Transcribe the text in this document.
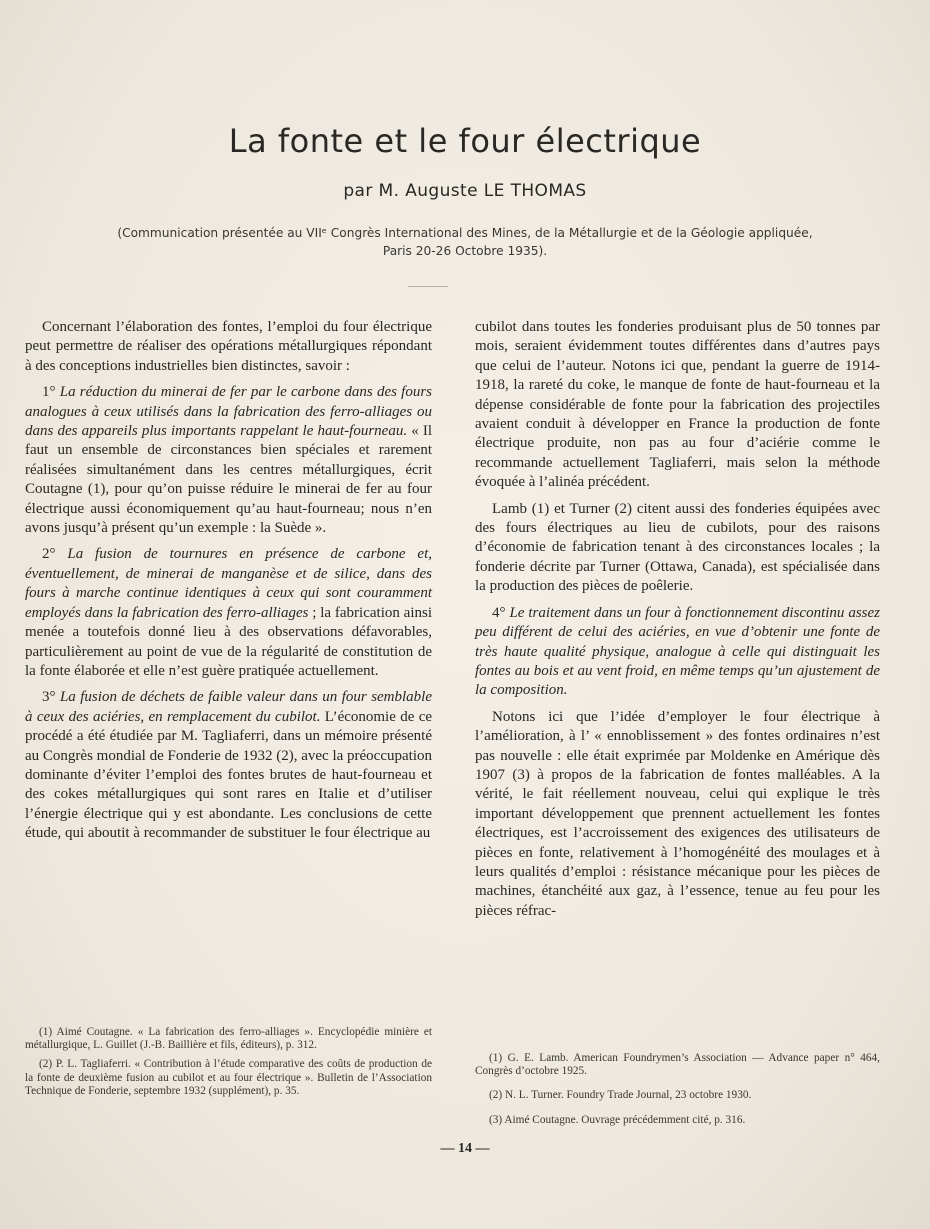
La fonte et le four électrique
par M. Auguste LE THOMAS
(Communication présentée au VIIᵉ Congrès International des Mines, de la Métallurgie et de la Géologie appliquée,
Paris 20-26 Octobre 1935).

Concernant l’élaboration des fontes, l’emploi du four électrique peut permettre de réaliser des opérations métallurgiques répondant à des conceptions industrielles bien distinctes, savoir :

1° La réduction du minerai de fer par le carbone dans des fours analogues à ceux utilisés dans la fabrication des ferro-alliages ou dans des appareils plus importants rappelant le haut-fourneau. « Il faut un ensemble de circonstances bien spéciales et rarement réalisées simultanément dans les centres métallurgiques, écrit Coutagne (1), pour qu’on puisse réduire le minerai de fer au four électrique aussi économiquement qu’au haut-fourneau; nous n’en avons jusqu’à présent qu’un exemple : la Suède ».

2° La fusion de tournures en présence de carbone et, éventuellement, de minerai de manganèse et de silice, dans des fours à marche continue identiques à ceux qui sont couramment employés dans la fabrication des ferro-alliages ; la fabrication ainsi menée a toutefois donné lieu à des observations défavorables, particulièrement au point de vue de la régularité de constitution de la fonte élaborée et elle n’est guère pratiquée actuellement.

3° La fusion de déchets de faible valeur dans un four semblable à ceux des aciéries, en remplacement du cubilot. L’économie de ce procédé a été étudiée par M. Tagliaferri, dans un mémoire présenté au Congrès mondial de Fonderie de 1932 (2), avec la préoccupation dominante d’éviter l’emploi des fontes brutes de haut-fourneau et des cokes métallurgiques qui sont rares en Italie et d’utiliser l’énergie électrique qui y est abondante. Les conclusions de cette étude, qui aboutit à recommander de substituer le four électrique au

cubilot dans toutes les fonderies produisant plus de 50 tonnes par mois, seraient évidemment toutes différentes dans d’autres pays que celui de l’auteur. Notons ici que, pendant la guerre de 1914-1918, la rareté du coke, le manque de fonte de haut-fourneau et la dépense considérable de fonte pour la fabrication des projectiles avaient conduit à développer en France la production de fonte électrique produite, non pas au four d’aciérie comme le recommande actuellement Tagliaferri, mais selon la méthode évoquée à l’alinéa précédent.

Lamb (1) et Turner (2) citent aussi des fonderies équipées avec des fours électriques au lieu de cubilots, pour des raisons d’économie de fabrication tenant à des circonstances locales ; la fonderie décrite par Turner (Ottawa, Canada), est spécialisée dans la production des pièces de poêlerie.

4° Le traitement dans un four à fonctionnement discontinu assez peu différent de celui des aciéries, en vue d’obtenir une fonte de très haute qualité physique, analogue à celle qui distinguait les fontes au bois et au vent froid, en même temps qu’un ajustement de la composition.

Notons ici que l’idée d’employer le four électrique à l’amélioration, à l’ « ennoblissement » des fontes ordinaires n’est pas nouvelle : elle était exprimée par Moldenke en Amérique dès 1907 (3) à propos de la fabrication de fontes malléables. A la vérité, le fait réellement nouveau, celui qui explique le très important développement que prennent actuellement les fontes électriques, est l’accroissement des exigences des utilisateurs de pièces en fonte, relativement à l’homogénéité des moulages et à leurs qualités d’emploi : résistance mécanique pour les pièces de machines, étanchéité aux gaz, à l’essence, tenue au feu pour les pièces réfrac-

(1) Aimé Coutagne. « La fabrication des ferro-alliages ». Encyclopédie minière et métallurgique, L. Guillet (J.-B. Baillière et fils, éditeurs), p. 312.

(2) P. L. Tagliaferri. « Contribution à l’étude comparative des coûts de production de la fonte de deuxième fusion au cubilot et au four électrique ». Bulletin de l’Association Technique de Fonderie, septembre 1932 (supplément), p. 35.

(1) G. E. Lamb. American Foundrymen’s Association — Advance paper n° 464, Congrès d’octobre 1925.

(2) N. L. Turner. Foundry Trade Journal, 23 octobre 1930.

(3) Aimé Coutagne. Ouvrage précédemment cité, p. 316.

— 14 —
